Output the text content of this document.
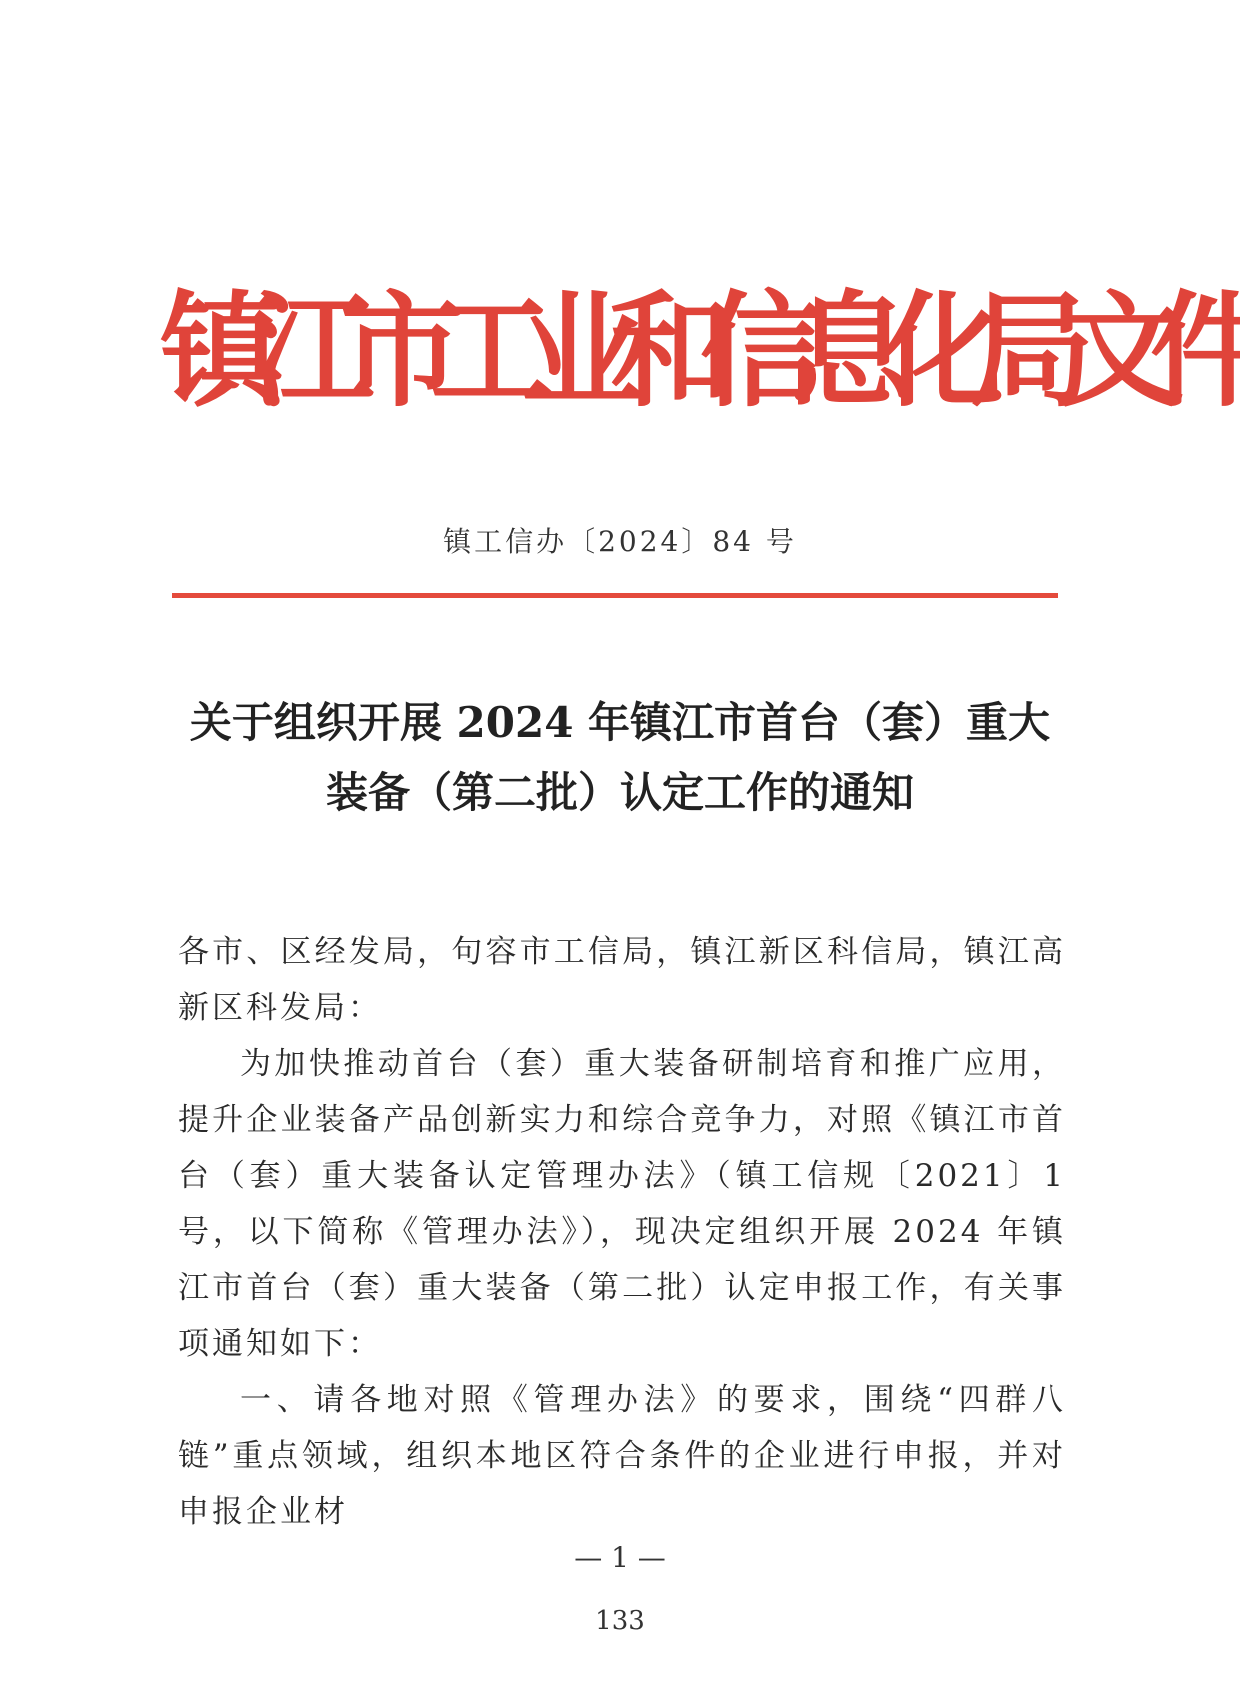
镇江市工业和信息化局文件
镇工信办〔2024〕84 号
关于组织开展 2024 年镇江市首台（套）重大
装备（第二批）认定工作的通知

各市、区经发局，句容市工信局，镇江新区科信局，镇江高新区科发局：

为加快推动首台（套）重大装备研制培育和推广应用，提升企业装备产品创新实力和综合竞争力，对照《镇江市首台（套）重大装备认定管理办法》（镇工信规〔2021〕1 号，以下简称《管理办法》），现决定组织开展 2024 年镇江市首台（套）重大装备（第二批）认定申报工作，有关事项通知如下：

一、请各地对照《管理办法》的要求，围绕“四群八链”重点领域，组织本地区符合条件的企业进行申报，并对申报企业材

— 1 —
133
